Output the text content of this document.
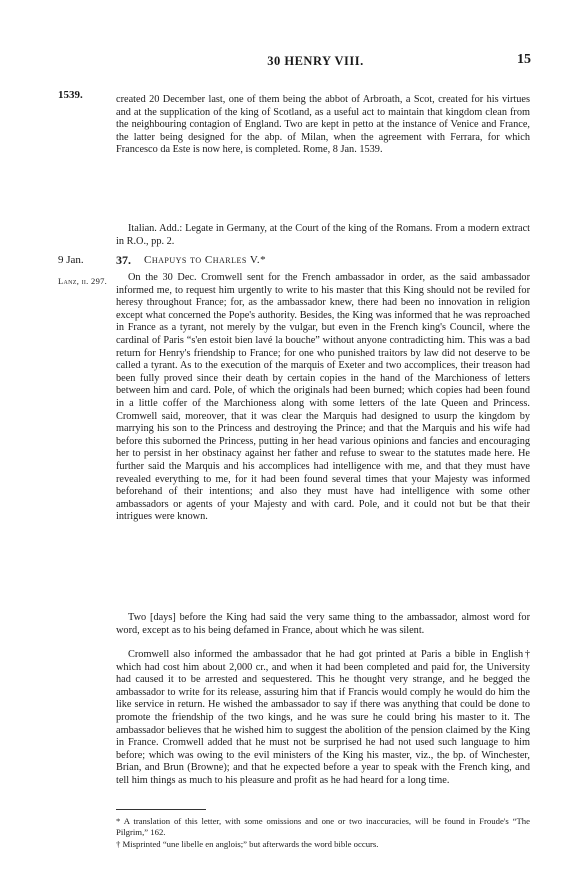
30 HENRY VIII.	15
1539.	created 20 December last, one of them being the abbot of Arbroath, a Scot, created for his virtues and at the supplication of the king of Scotland, as a useful act to maintain that kingdom clean from the neighbouring contagion of England. Two are kept in petto at the instance of Venice and France, the latter being designed for the abp. of Milan, when the agreement with Ferrara, for which Francesco da Este is now here, is completed. Rome, 8 Jan. 1539.

Italian. Add.: Legate in Germany, at the Court of the king of the Romans. From a modern extract in R.O., pp. 2.

9 Jan.	37. Chapuys to Charles V.*
Lanz, ii. 297.	On the 30 Dec. Cromwell sent for the French ambassador in order, as the said ambassador informed me, to request him urgently to write to his master that this King should not be reviled for heresy throughout France; for, as the ambassador knew, there had been no innovation in religion except what concerned the Pope's authority. Besides, the King was informed that he was reproached in France as a tyrant, not merely by the vulgar, but even in the French king's Council, where the cardinal of Paris “s'en estoit bien lavé la bouche” without anyone contradicting him. This was a bad return for Henry's friendship to France; for one who punished traitors by law did not deserve to be called a tyrant. As to the execution of the marquis of Exeter and two accomplices, their treason had been fully proved since their death by certain copies in the hand of the Marchioness of letters between him and card. Pole, of which the originals had been burned; which copies had been found in a little coffer of the Marchioness along with some letters of the late Queen and Princess. Cromwell said, moreover, that it was clear the Marquis had designed to usurp the kingdom by marrying his son to the Princess and destroying the Prince; and that the Marquis and his wife had before this suborned the Princess, putting in her head various opinions and fancies and encouraging her to persist in her obstinacy against her father and refuse to swear to the statutes made here. He further said the Marquis and his accomplices had intelligence with me, and that they must have revealed everything to me, for it had been found several times that your Majesty was informed beforehand of their intentions; and also they must have had intelligence with some other ambassadors or agents of your Majesty and with card. Pole, and it could not but be that their intrigues were known.

Two [days] before the King had said the very same thing to the ambassador, almost word for word, except as to his being defamed in France, about which he was silent.

Cromwell also informed the ambassador that he had got printed at Paris a bible in English† which had cost him about 2,000 cr., and when it had been completed and paid for, the University had caused it to be arrested and sequestered. This he thought very strange, and he begged the ambassador to write for its release, assuring him that if Francis would comply he would do him the like service in return. He wished the ambassador to say if there was anything that could be done to promote the friendship of the two kings, and he was sure he could bring his master to it. The ambassador believes that he wished him to suggest the abolition of the pension claimed by the King in France. Cromwell added that he must not be surprised he had not used such language to him before; which was owing to the evil ministers of the King his master, viz., the bp. of Winchester, Brian, and Brun (Browne); and that he expected before a year to speak with the French king, and tell him things as much to his pleasure and profit as he had heard for a long time.

* A translation of this letter, with some omissions and one or two inaccuracies, will be found in Froude's “The Pilgrim,” 162.
† Misprinted “une libelle en anglois;” but afterwards the word bible occurs.
